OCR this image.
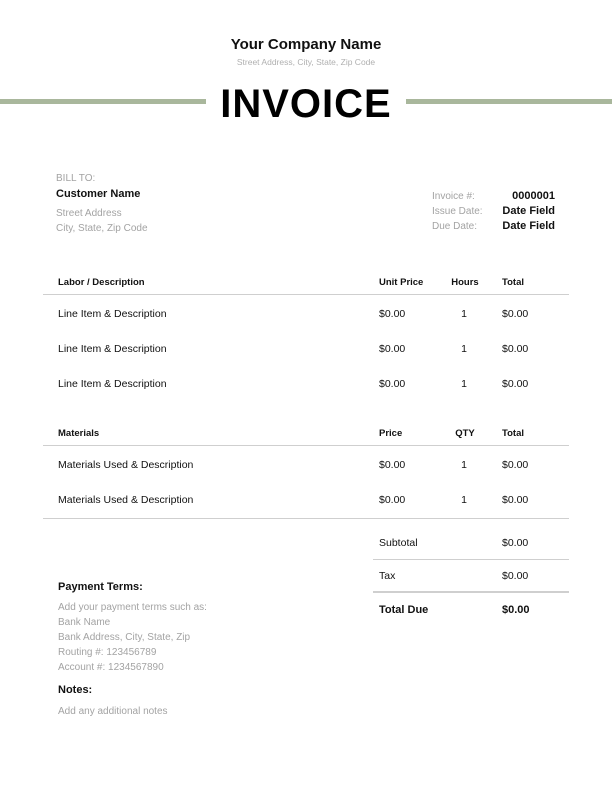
Your Company Name
Street Address, City, State, Zip Code
INVOICE
BILL TO:
Customer Name
Street Address
City, State, Zip Code
Invoice #:	0000001
Issue Date:	Date Field
Due Date:	Date Field
Labor / Description	Unit Price	Hours	Total
Line Item & Description	$0.00	1	$0.00
Line Item & Description	$0.00	1	$0.00
Line Item & Description	$0.00	1	$0.00
Materials	Price	QTY	Total
Materials Used & Description	$0.00	1	$0.00
Materials Used & Description	$0.00	1	$0.00
Subtotal	$0.00
Tax	$0.00
Total Due	$0.00
Payment Terms:
Add your payment terms such as:
Bank Name
Bank Address, City, State, Zip
Routing #: 123456789
Account #: 1234567890
Notes:
Add any additional notes
